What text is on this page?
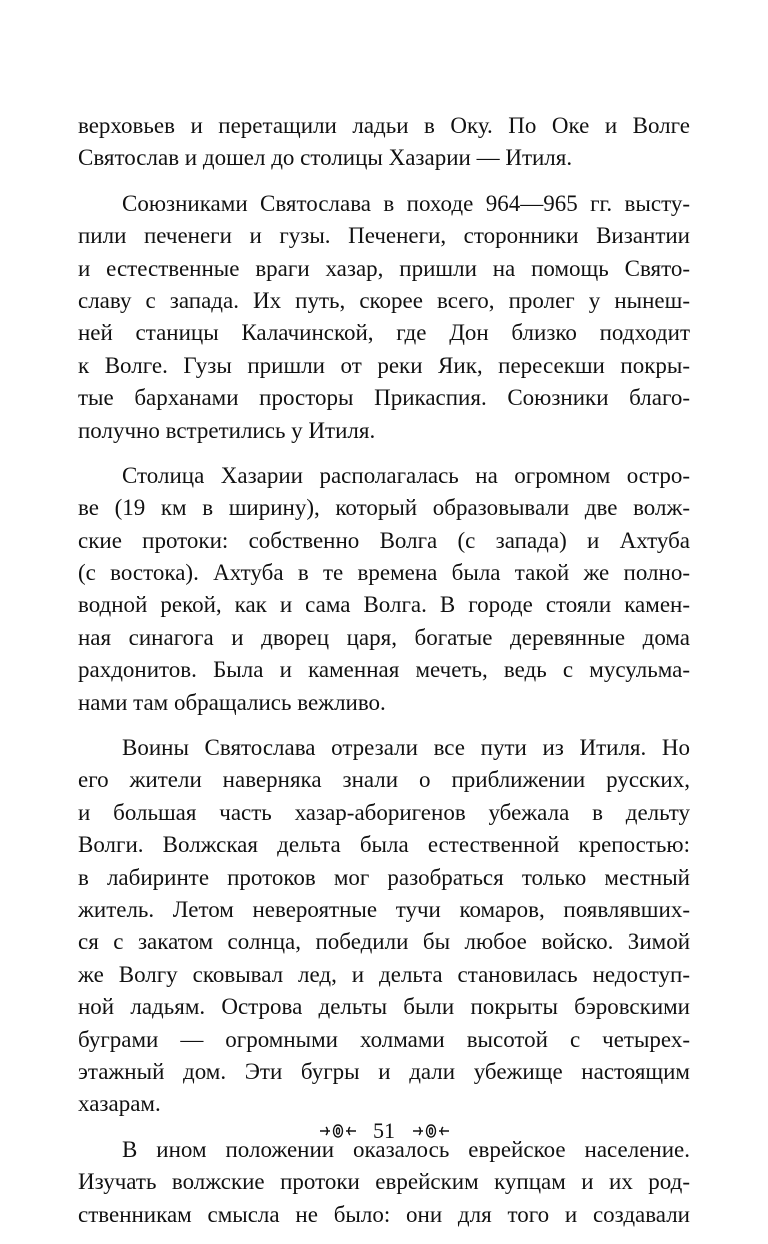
верховьев и перетащили ладьи в Оку. По Оке и Волге
Святослав и дошел до столицы Хазарии — Итиля.

Союзниками Святослава в походе 964—965 гг. высту-
пили печенеги и гузы. Печенеги, сторонники Византии
и естественные враги хазар, пришли на помощь Свято-
славу с запада. Их путь, скорее всего, пролег у нынеш-
ней станицы Калачинской, где Дон близко подходит
к Волге. Гузы пришли от реки Яик, пересекши покры-
тые барханами просторы Прикаспия. Союзники благо-
получно встретились у Итиля.

Столица Хазарии располагалась на огромном остро-
ве (19 км в ширину), который образовывали две волж-
ские протоки: собственно Волга (с запада) и Ахтуба
(с востока). Ахтуба в те времена была такой же полно-
водной рекой, как и сама Волга. В городе стояли камен-
ная синагога и дворец царя, богатые деревянные дома
рахдонитов. Была и каменная мечеть, ведь с мусульма-
нами там обращались вежливо.

Воины Святослава отрезали все пути из Итиля. Но
его жители наверняка знали о приближении русских,
и большая часть хазар-аборигенов убежала в дельту
Волги. Волжская дельта была естественной крепостью:
в лабиринте протоков мог разобраться только местный
житель. Летом невероятные тучи комаров, появлявших-
ся с закатом солнца, победили бы любое войско. Зимой
же Волгу сковывал лед, и дельта становилась недоступ-
ной ладьям. Острова дельты были покрыты бэровскими
буграми — огромными холмами высотой с четырех-
этажный дом. Эти бугры и дали убежище настоящим
хазарам.

В ином положении оказалось еврейское население.
Изучать волжские протоки еврейским купцам и их род-
ственникам смысла не было: они для того и создавали

51
